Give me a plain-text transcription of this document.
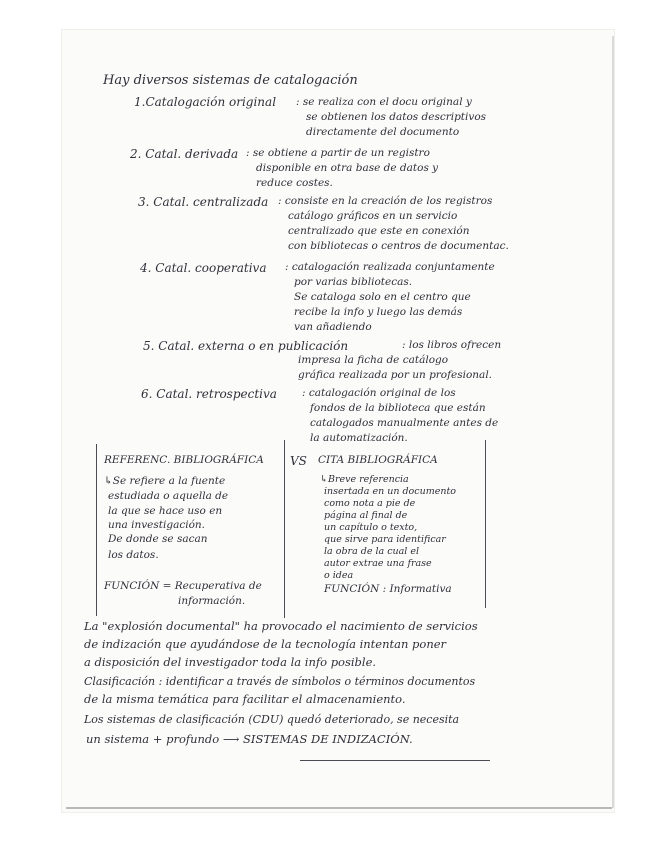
Hay diversos sistemas de catalogación
1.Catalogación original : se realiza con el docu original y
se obtienen los datos descriptivos
directamente del documento
2. Catal. derivada : se obtiene a partir de un registro
disponible en otra base de datos y
reduce costes.
3. Catal. centralizada : consiste en la creación de los registros
catálogo gráficos en un servicio
centralizado que este en conexión
con bibliotecas o centros de documentac.
4. Catal. cooperativa : catalogación realizada conjuntamente
por varias bibliotecas.
Se cataloga solo en el centro que
recibe la info y luego las demás
van añadiendo
5. Catal. externa o en publicación	: los libros ofrecen
impresa la ficha de catálogo
gráfica realizada por un profesional.
6. Catal. retrospectiva : catalogación original de los
fondos de la biblioteca que están
catalogados manualmente antes de
la automatización.
REFERENC. BIBLIOGRÁFICA VS CITA BIBLIOGRÁFICA
↳Se refiere a la fuente
estudiada o aquella de
la que se hace uso en
una investigación.
De donde se sacan
los datos.
FUNCIÓN = Recuperativa de
información.
↳Breve referencia
insertada en un documento
como nota a pie de
página al final de
un capítulo o texto,
que sirve para identificar
la obra de la cual el
autor extrae una frase
o idea
FUNCIÓN : Informativa
La "explosión documental" ha provocado el nacimiento de servicios
de indización que ayudándose de la tecnología intentan poner
a disposición del investigador toda la info posible.
Clasificación : identificar a través de símbolos o términos documentos
de la misma temática para facilitar el almacenamiento.
Los sistemas de clasificación (CDU) quedó deteriorado, se necesita
un sistema + profundo ⟶ SISTEMAS DE INDIZACIÓN.
